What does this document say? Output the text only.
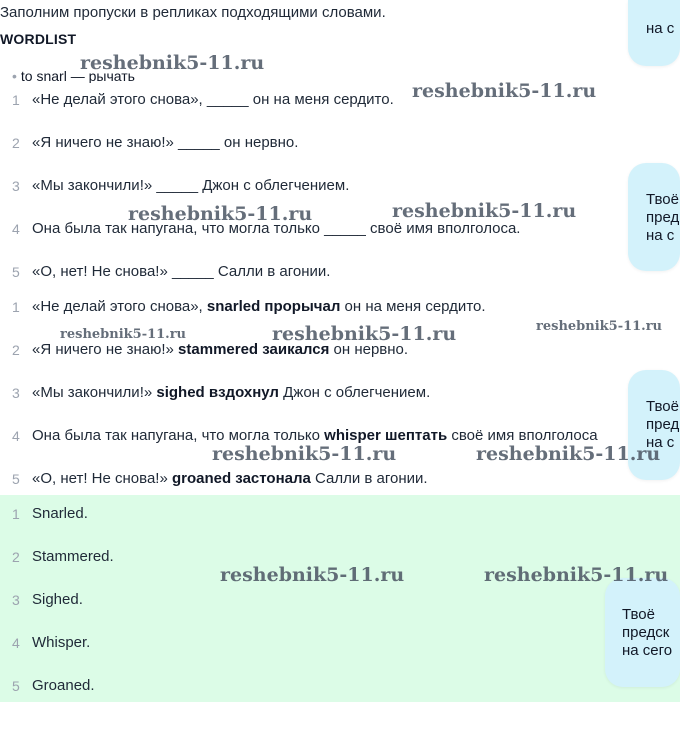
Заполним пропуски в репликах подходящими словами.
WORDLIST
• to snarl — рычать
1 «Не делай этого снова», _____ он на меня сердито.
2 «Я ничего не знаю!» _____ он нервно.
3 «Мы закончили!» _____ Джон с облегчением.
4 Она была так напугана, что могла только _____ своё имя вполголоса.
5 «О, нет! Не снова!» _____ Салли в агонии.
1 «Не делай этого снова», snarled прорычал он на меня сердито.
2 «Я ничего не знаю!» stammered заикался он нервно.
3 «Мы закончили!» sighed вздохнул Джон с облегчением.
4 Она была так напугана, что могла только whisper шептать своё имя вполголоса
5 «О, нет! Не снова!» groaned застонала Салли в агонии.
1 Snarled.
2 Stammered.
3 Sighed.
4 Whisper.
5 Groaned.
на с
Твоё
пред
на с
Твоё
пред
на с
Твоё
предск
на сего
reshebnik5-11.ru
reshebnik5-11.ru
reshebnik5-11.ru	reshebnik5-11.ru
reshebnik5-11.ru	reshebnik5-11.ru	reshebnik5-11.ru
reshebnik5-11.ru	reshebnik5-11.ru
reshebnik5-11.ru	reshebnik5-11.ru
